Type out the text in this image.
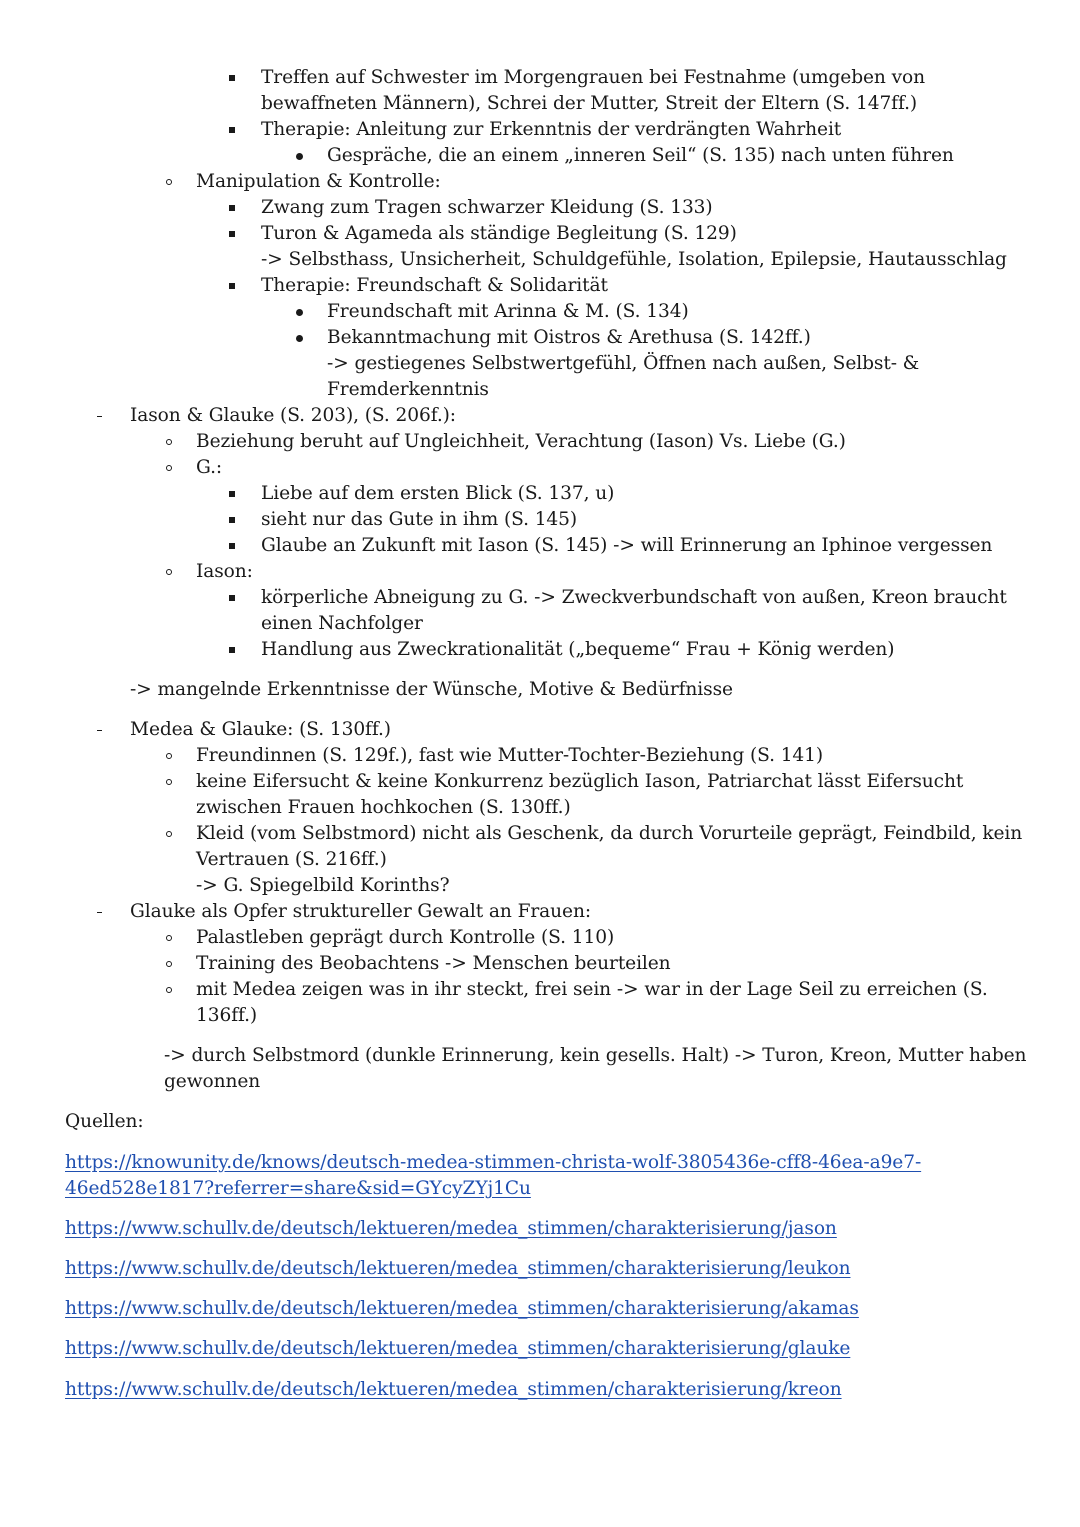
Treffen auf Schwester im Morgengrauen bei Festnahme (umgeben von
bewaffneten Männern), Schrei der Mutter, Streit der Eltern (S. 147ff.)
Therapie: Anleitung zur Erkenntnis der verdrängten Wahrheit
Gespräche, die an einem „inneren Seil“ (S. 135) nach unten führen
Manipulation & Kontrolle:
Zwang zum Tragen schwarzer Kleidung (S. 133)
Turon & Agameda als ständige Begleitung (S. 129)
-> Selbsthass, Unsicherheit, Schuldgefühle, Isolation, Epilepsie, Hautausschlag
Therapie: Freundschaft & Solidarität
Freundschaft mit Arinna & M. (S. 134)
Bekanntmachung mit Oistros & Arethusa (S. 142ff.)
-> gestiegenes Selbstwertgefühl, Öffnen nach außen, Selbst- &
Fremderkenntnis
Iason & Glauke (S. 203), (S. 206f.):
Beziehung beruht auf Ungleichheit, Verachtung (Iason) Vs. Liebe (G.)
G.:
Liebe auf dem ersten Blick (S. 137, u)
sieht nur das Gute in ihm (S. 145)
Glaube an Zukunft mit Iason (S. 145) -> will Erinnerung an Iphinoe vergessen
Iason:
körperliche Abneigung zu G. -> Zweckverbundschaft von außen, Kreon braucht
einen Nachfolger
Handlung aus Zweckrationalität („bequeme“ Frau + König werden)
-> mangelnde Erkenntnisse der Wünsche, Motive & Bedürfnisse
Medea & Glauke: (S. 130ff.)
Freundinnen (S. 129f.), fast wie Mutter-Tochter-Beziehung (S. 141)
keine Eifersucht & keine Konkurrenz bezüglich Iason, Patriarchat lässt Eifersucht
zwischen Frauen hochkochen (S. 130ff.)
Kleid (vom Selbstmord) nicht als Geschenk, da durch Vorurteile geprägt, Feindbild, kein
Vertrauen (S. 216ff.)
-> G. Spiegelbild Korinths?
Glauke als Opfer struktureller Gewalt an Frauen:
Palastleben geprägt durch Kontrolle (S. 110)
Training des Beobachtens -> Menschen beurteilen
mit Medea zeigen was in ihr steckt, frei sein -> war in der Lage Seil zu erreichen (S.
136ff.)
-> durch Selbstmord (dunkle Erinnerung, kein gesells. Halt) -> Turon, Kreon, Mutter haben
gewonnen
Quellen:
https://knowunity.de/knows/deutsch-medea-stimmen-christa-wolf-3805436e-cff8-46ea-a9e7-
46ed528e1817?referrer=share&sid=GYcyZYj1Cu
https://www.schullv.de/deutsch/lektueren/medea_stimmen/charakterisierung/jason
https://www.schullv.de/deutsch/lektueren/medea_stimmen/charakterisierung/leukon
https://www.schullv.de/deutsch/lektueren/medea_stimmen/charakterisierung/akamas
https://www.schullv.de/deutsch/lektueren/medea_stimmen/charakterisierung/glauke
https://www.schullv.de/deutsch/lektueren/medea_stimmen/charakterisierung/kreon
